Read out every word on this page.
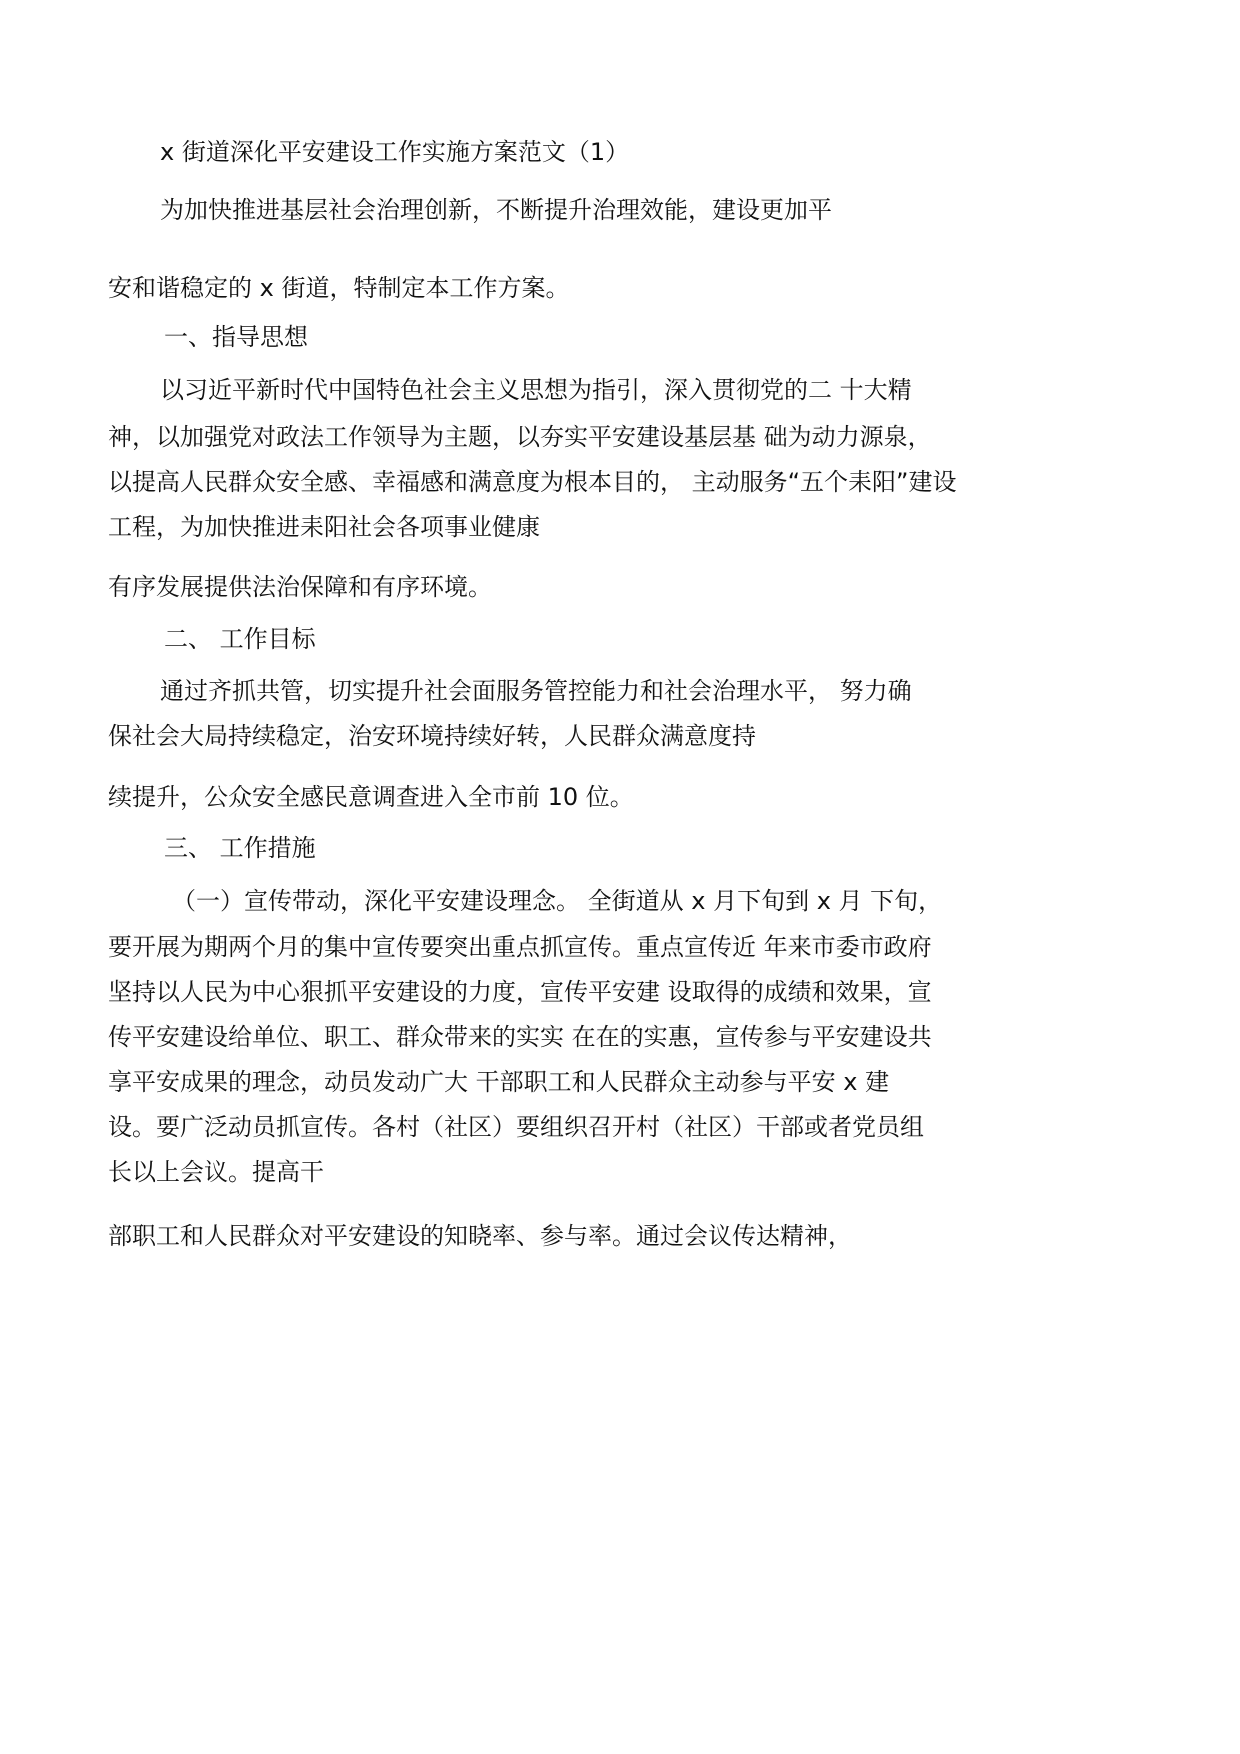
x 街道深化平安建设工作实施方案范文（1）
为加快推进基层社会治理创新，不断提升治理效能，建设更加平
安和谐稳定的 x 街道，特制定本工作方案。
一、指导思想
以习近平新时代中国特色社会主义思想为指引，深入贯彻党的二 十大精
神，以加强党对政法工作领导为主题，以夯实平安建设基层基 础为动力源泉，
以提高人民群众安全感、幸福感和满意度为根本目的， 主动服务“五个耒阳”建设
工程，为加快推进耒阳社会各项事业健康
有序发展提供法治保障和有序环境。
二、 工作目标
通过齐抓共管，切实提升社会面服务管控能力和社会治理水平， 努力确
保社会大局持续稳定，治安环境持续好转，人民群众满意度持
续提升，公众安全感民意调查进入全市前 10 位。
三、 工作措施
（一）宣传带动，深化平安建设理念。 全街道从 x 月下旬到 x 月 下旬，
要开展为期两个月的集中宣传要突出重点抓宣传。重点宣传近 年来市委市政府
坚持以人民为中心狠抓平安建设的力度，宣传平安建 设取得的成绩和效果，宣
传平安建设给单位、职工、群众带来的实实 在在的实惠，宣传参与平安建设共
享平安成果的理念，动员发动广大 干部职工和人民群众主动参与平安 x 建
设。要广泛动员抓宣传。各村（社区）要组织召开村（社区）干部或者党员组
长以上会议。提高干
部职工和人民群众对平安建设的知晓率、参与率。通过会议传达精神，
